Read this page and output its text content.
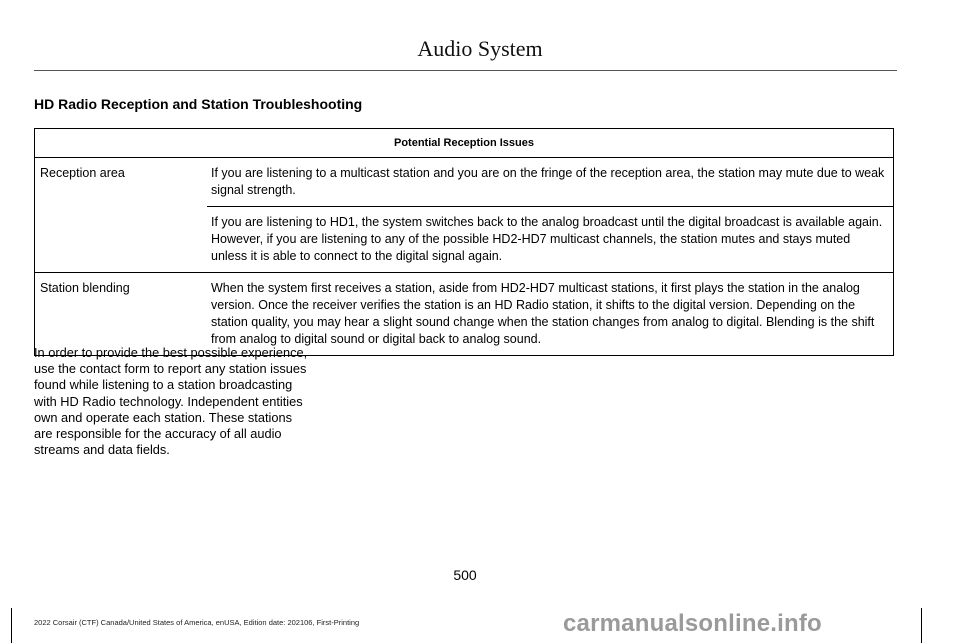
Audio System
HD Radio Reception and Station Troubleshooting
Potential Reception Issues	
Reception area	If you are listening to a multicast station and you are on the fringe of the reception area, the station may mute due to weak signal strength.
	If you are listening to HD1, the system switches back to the analog broadcast until the digital broadcast is available again. However, if you are listening to any of the possible HD2-HD7 multicast channels, the station mutes and stays muted unless it is able to connect to the digital signal again.
Station blending	When the system first receives a station, aside from HD2-HD7 multicast stations, it first plays the station in the analog version. Once the receiver verifies the station is an HD Radio station, it shifts to the digital version. Depending on the station quality, you may hear a slight sound change when the station changes from analog to digital. Blending is the shift from analog to digital sound or digital back to analog sound.
In order to provide the best possible experience, use the contact form to report any station issues found while listening to a station broadcasting with HD Radio technology. Independent entities own and operate each station. These stations are responsible for the accuracy of all audio streams and data fields.
500
2022 Corsair (CTF) Canada/United States of America, enUSA, Edition date: 202106, First-Printing	carmanualsonline.info
